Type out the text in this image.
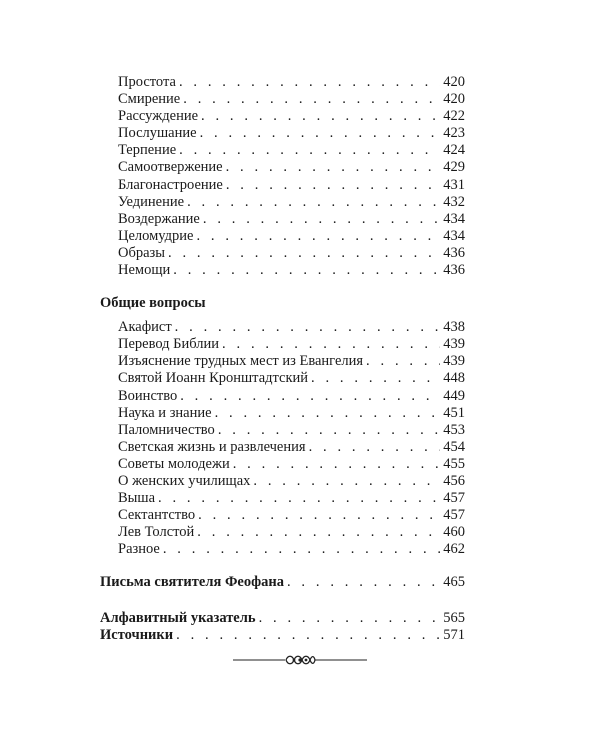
Простота . . .	420
Смирение . . .	420
Рассуждение . . .	422
Послушание . . .	423
Терпение . . .	424
Самоотвержение . . .	429
Благонастроение . . .	431
Уединение . . .	432
Воздержание . . .	434
Целомудрие . . .	434
Образы . . .	436
Немощи . . .	436
Общие вопросы
Акафист . . .	438
Перевод Библии . . .	439
Изъяснение трудных мест из Евангелия . . .	439
Святой Иоанн Кронштадтский . . .	448
Воинство . . .	449
Наука и знание . . .	451
Паломничество . . .	453
Светская жизнь и развлечения . . .	454
Советы молодежи . . .	455
О женских училищах . . .	456
Выша . . .	457
Сектантство . . .	457
Лев Толстой . . .	460
Разное . . .	462
Письма святителя Феофана . . .	465
Алфавитный указатель . . .	565
Источники . . .	571
